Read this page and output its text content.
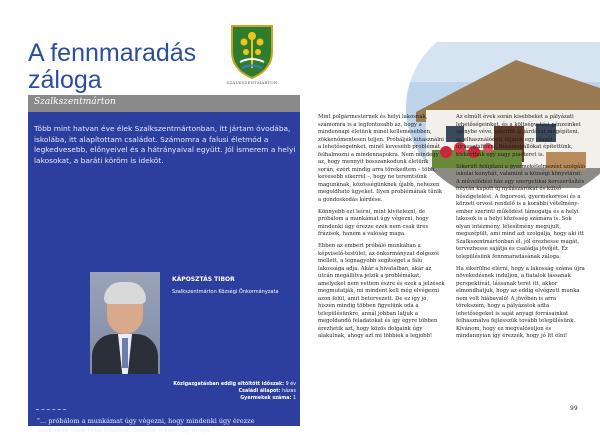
A fennmaradás
záloga	SZALKSZENTMÁRTON
Szalkszentmárton
Több mint hatvan éve élek Szalkszentmártonban, itt jártam óvodába, iskolába, itt alapítottam családot. Számomra a falusi életmód a legkedvesebb, előnyeivel és a hátrányaival együtt. Jól ismerem a helyi lakosokat, a baráti köröm is ideköt.
KÁPOSZTÁS TIBOR
Szalkszentmárton Községi Önkormányzata
Közigazgatásban eddig eltöltött időszak: 9 év
Családi állapot: házas
Gyermekek száma: 1
"... próbálom a munkámat úgy végezni, hogy mindenki úgy érezze ezek nem csak üres frázisok, hanem a valóság maga."

Mint polgármesternek és helyi lakosnak, számomra is a legfontosabb az, hogy a mindennapi életünk minél kellemesebben, zökkenőmentesen teljen. Próbálják kihasználni a lehetőségeinket, minél kevesebb problémát felhalmozni a mindennapokra. Nem mindegy az, hogy mennyit bosszankodunk életünk során, ezért mindig arra törekedtem – több, kevesebb sikerrel –, hogy ne teremtsünk magunknak, közösségünknek újabb, nehezen megoldható ügyeket. Ilyen problémának tűnik a gondoskodás kérdése.

Könnyebb ezt leírni, mint kivitelezni, de próbálom a munkámat úgy végezni, hogy mindenki úgy érezze ezek nem csak üres frázisok, hanem a valóság maga.

Ebben az embert próbáló munkában a képviselő-testület, az önkormányzat dolgozói mellett, a legnagyobb segítséget a falu lakossága adja. Akár a hivatalban, akár az utcán megállítva jelzik a problémákat, amelyeket nem vettem észre és ezek a jelzések megmutatják, mi mindent kell még elvégezni azon felül, amit betervezett. De ez így jó, hiszen mindig többen figyelünk oda a településünkre, annál jobban látjuk a megoldandó feladatokat és így egyre többen érezhetik azt, hogy közös dolgaink úgy alakulnak, ahogy azt mi többiek a legjobb!

Az elmúlt évek során kisebbeket a pályázati lehetőségeinket, és a költségvetési pénzeinket igénybe véve, sikerült új járdákat megépíteni, az elhasználódott útjaink egy részét újraaszfaltozni. Buszmegállókat építettünk, kiskertünk egy nagy piacteret is.

Sikerült felújítani a gyermekélelmezést szolgáló iskolai konyhát, valamint a községi könyvtárat. A művelődési ház egy energetikai korszerűsítés folytán kapott új nyílászárókat és külső hőszigetelést. A fogorvosi, gyermekorvosi és a körzeti orvosi rendelő is a korábbi vételmény-ember szerinti működést támogatja és a helyi lakosok is a helyi közösség számára is. Sok olyan intézmény, létesítmény megújult, megszépült, ami mind azt szolgálja, hogy aki itt Szalkszentmártonban él, jól érezhesse magát, tervezhesse sajátja és családja jövőjét. Ez településünk fennmaradásának záloga.

Ha sikerülne elérni, hogy a lakosság száma újra növekedésnek induljon, a fiatalok lássanak perspektívát, lássanak teret itt, akkor elmondhatjuk, hogy az eddig elvégzett munka nem volt hiábavaló! A jövőben is arra törekszem, hogy a pályázatok adta lehetőségeket is saját anyagi forrásainkat felhasználva fejlesszük tovább településünk. Kívánom, hogy ez megvalósuljon és mindannyian így érezzék, hogy jó itt élni!

99
